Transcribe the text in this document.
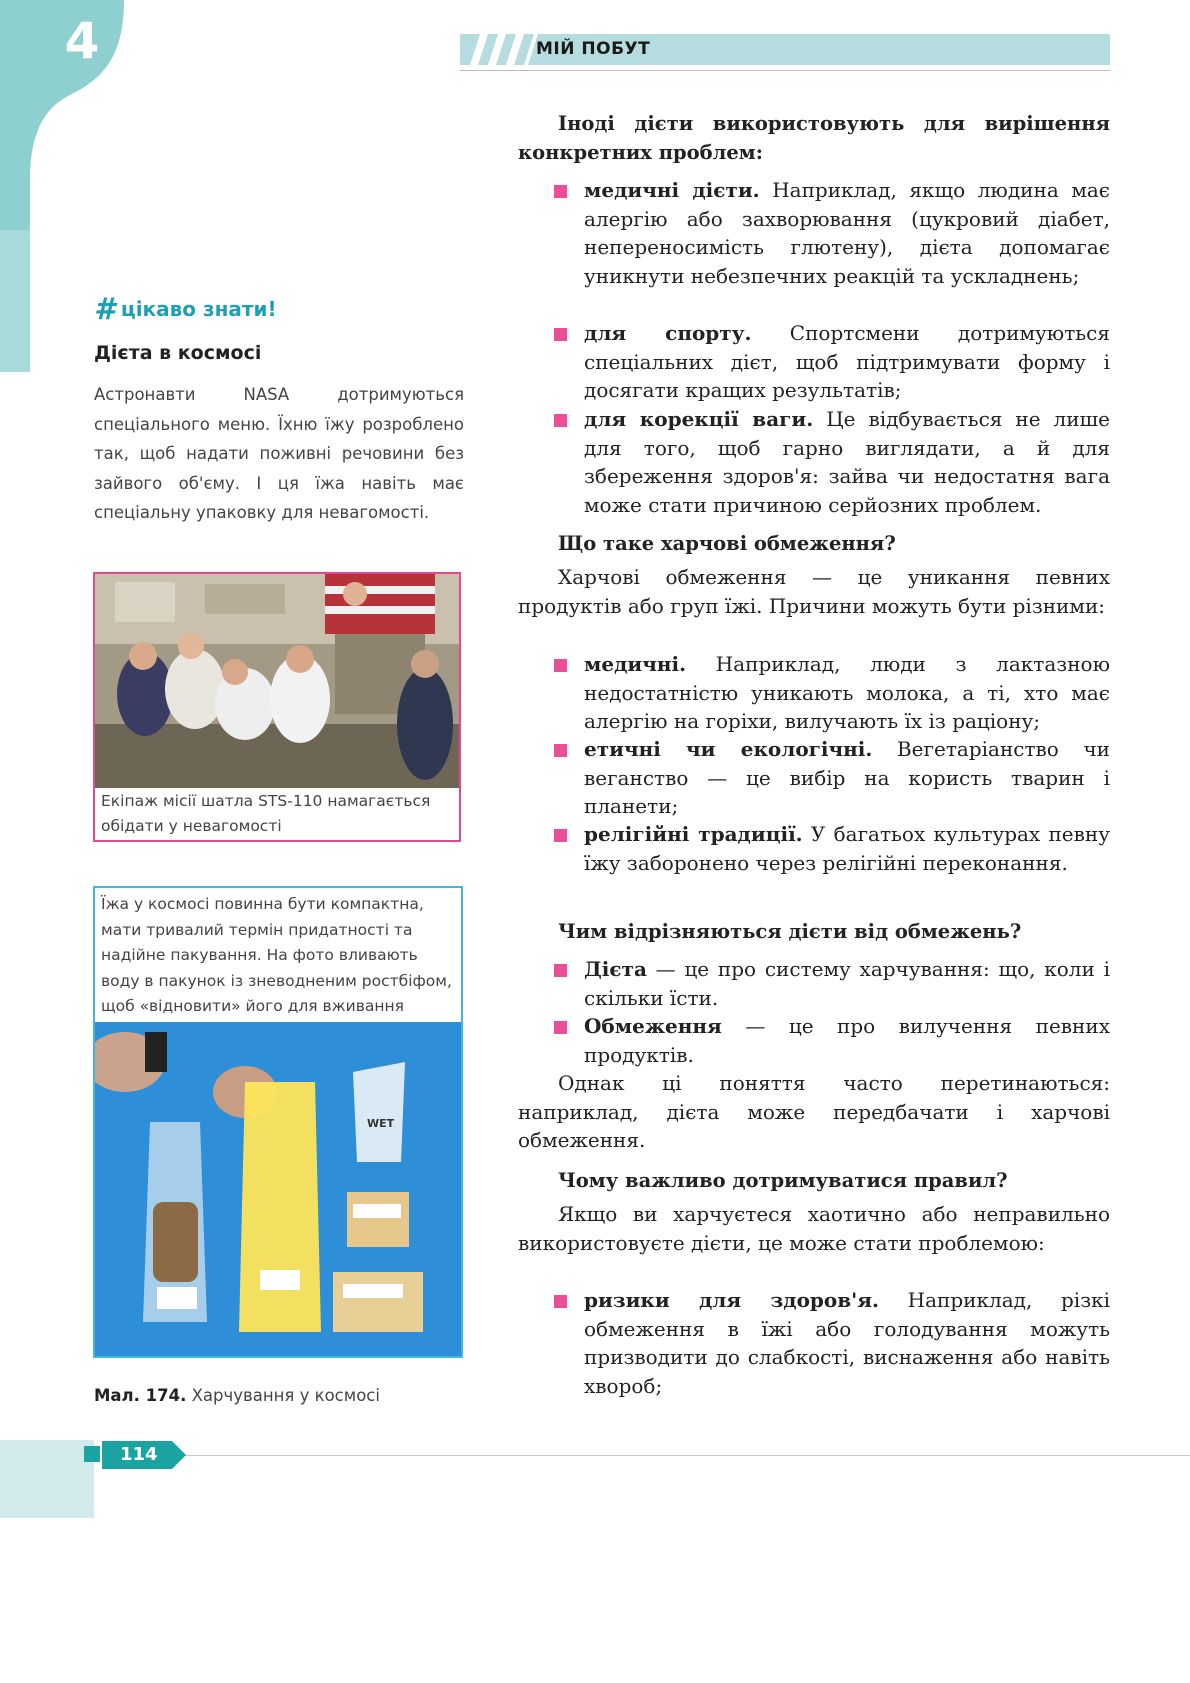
4	МІЙ ПОБУТ
# цікаво знати!
Дієта в космосі
Астронавти NASA дотримуються спеціального меню. Їхню їжу розроблено так, щоб надати поживні речовини без зайвого об'єму. І ця їжа навіть має спеціальну упаковку для невагомості.
Екіпаж місії шатла STS-110 намагається обідати у невагомості
Їжа у космосі повинна бути компактна, мати тривалий термін придатності та надійне пакування. На фото вливають воду в пакунок із зневодненим ростбіфом, щоб «відновити» його для вживання
WET
Мал. 174. Харчування у космосі
Іноді дієти використовують для вирішення конкретних проблем:
медичні дієти. Наприклад, якщо людина має алергію або захворювання (цукровий діабет, непереносимість глютену), дієта допомагає уникнути небезпечних реакцій та ускладнень;
для спорту. Спортсмени дотримуються спеціальних дієт, щоб підтримувати форму і досягати кращих результатів;
для корекції ваги. Це відбувається не лише для того, щоб гарно виглядати, а й для збереження здоров'я: зайва чи недостатня вага може стати причиною серйозних проблем.
Що таке харчові обмеження?
Харчові обмеження — це уникання певних продуктів або груп їжі. Причини можуть бути різними:
медичні. Наприклад, люди з лактазною недостатністю уникають молока, а ті, хто має алергію на горіхи, вилучають їх із раціону;
етичні чи екологічні. Вегетаріанство чи веганство — це вибір на користь тварин і планети;
релігійні традиції. У багатьох культурах певну їжу заборонено через релігійні переконання.
Чим відрізняються дієти від обмежень?
Дієта — це про систему харчування: що, коли і скільки їсти.
Обмеження — це про вилучення певних продуктів.
Однак ці поняття часто перетинаються: наприклад, дієта може передбачати і харчові обмеження.
Чому важливо дотримуватися правил?
Якщо ви харчуєтеся хаотично або неправильно використовуєте дієти, це може стати проблемою:
ризики для здоров'я. Наприклад, різкі обмеження в їжі або голодування можуть призводити до слабкості, виснаження або навіть хвороб;
114
